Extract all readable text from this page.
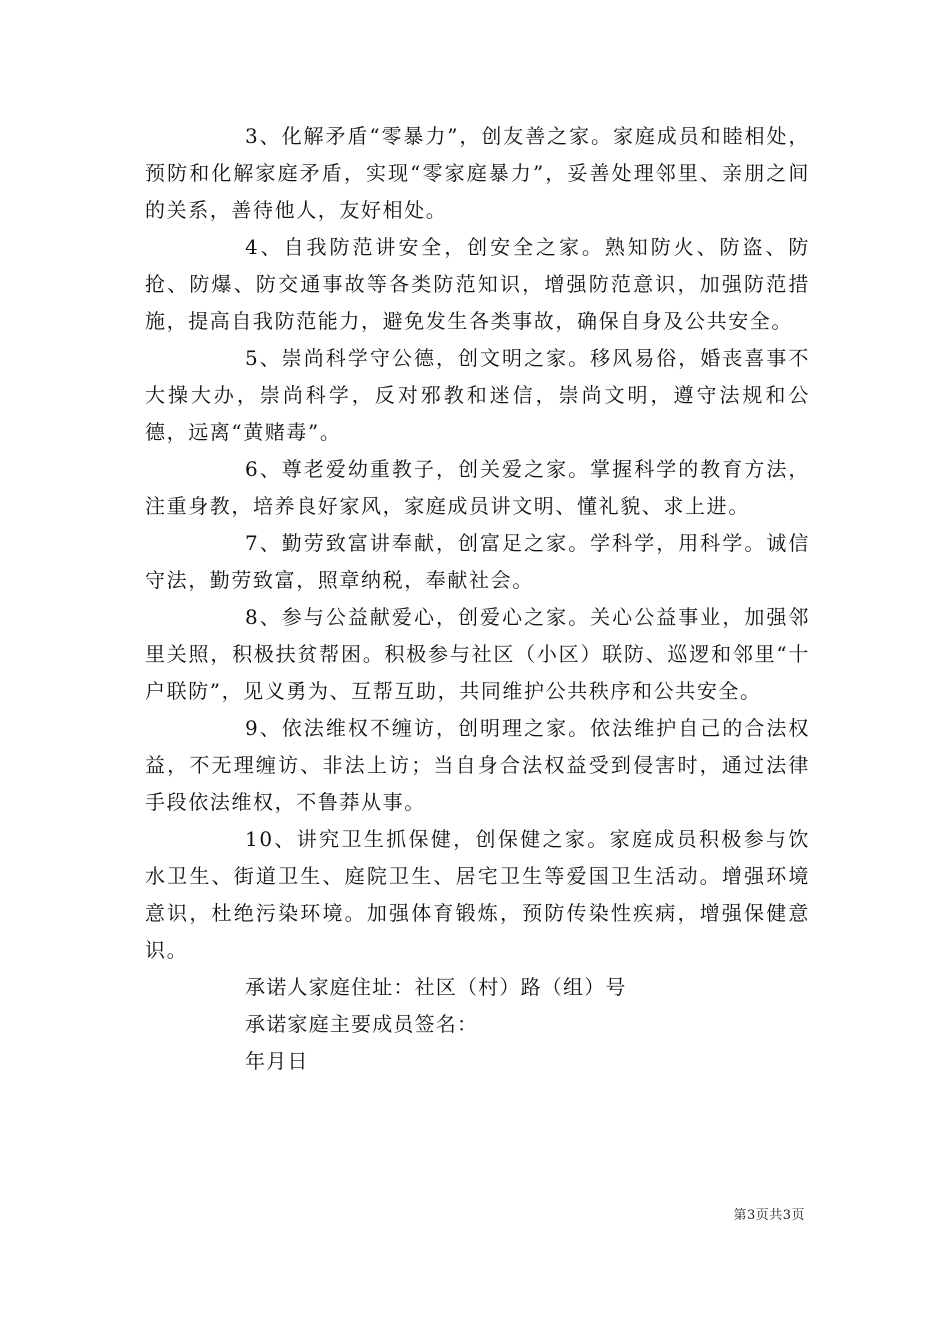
3、化解矛盾“零暴力”，创友善之家。家庭成员和睦相处，预防和化解家庭矛盾，实现“零家庭暴力”，妥善处理邻里、亲朋之间的关系，善待他人，友好相处。

4、自我防范讲安全，创安全之家。熟知防火、防盗、防抢、防爆、防交通事故等各类防范知识，增强防范意识，加强防范措施，提高自我防范能力，避免发生各类事故，确保自身及公共安全。

5、崇尚科学守公德，创文明之家。移风易俗，婚丧喜事不大操大办，崇尚科学，反对邪教和迷信，崇尚文明，遵守法规和公德，远离“黄赌毒”。

6、尊老爱幼重教子，创关爱之家。掌握科学的教育方法，注重身教，培养良好家风，家庭成员讲文明、懂礼貌、求上进。

7、勤劳致富讲奉献，创富足之家。学科学，用科学。诚信守法，勤劳致富，照章纳税，奉献社会。

8、参与公益献爱心，创爱心之家。关心公益事业，加强邻里关照，积极扶贫帮困。积极参与社区（小区）联防、巡逻和邻里“十户联防”，见义勇为、互帮互助，共同维护公共秩序和公共安全。

9、依法维权不缠访，创明理之家。依法维护自己的合法权益，不无理缠访、非法上访；当自身合法权益受到侵害时，通过法律手段依法维权，不鲁莽从事。

10、讲究卫生抓保健，创保健之家。家庭成员积极参与饮水卫生、街道卫生、庭院卫生、居宅卫生等爱国卫生活动。增强环境意识，杜绝污染环境。加强体育锻炼，预防传染性疾病，增强保健意识。

承诺人家庭住址：社区（村）路（组）号

承诺家庭主要成员签名：

年月日

第3页共3页
